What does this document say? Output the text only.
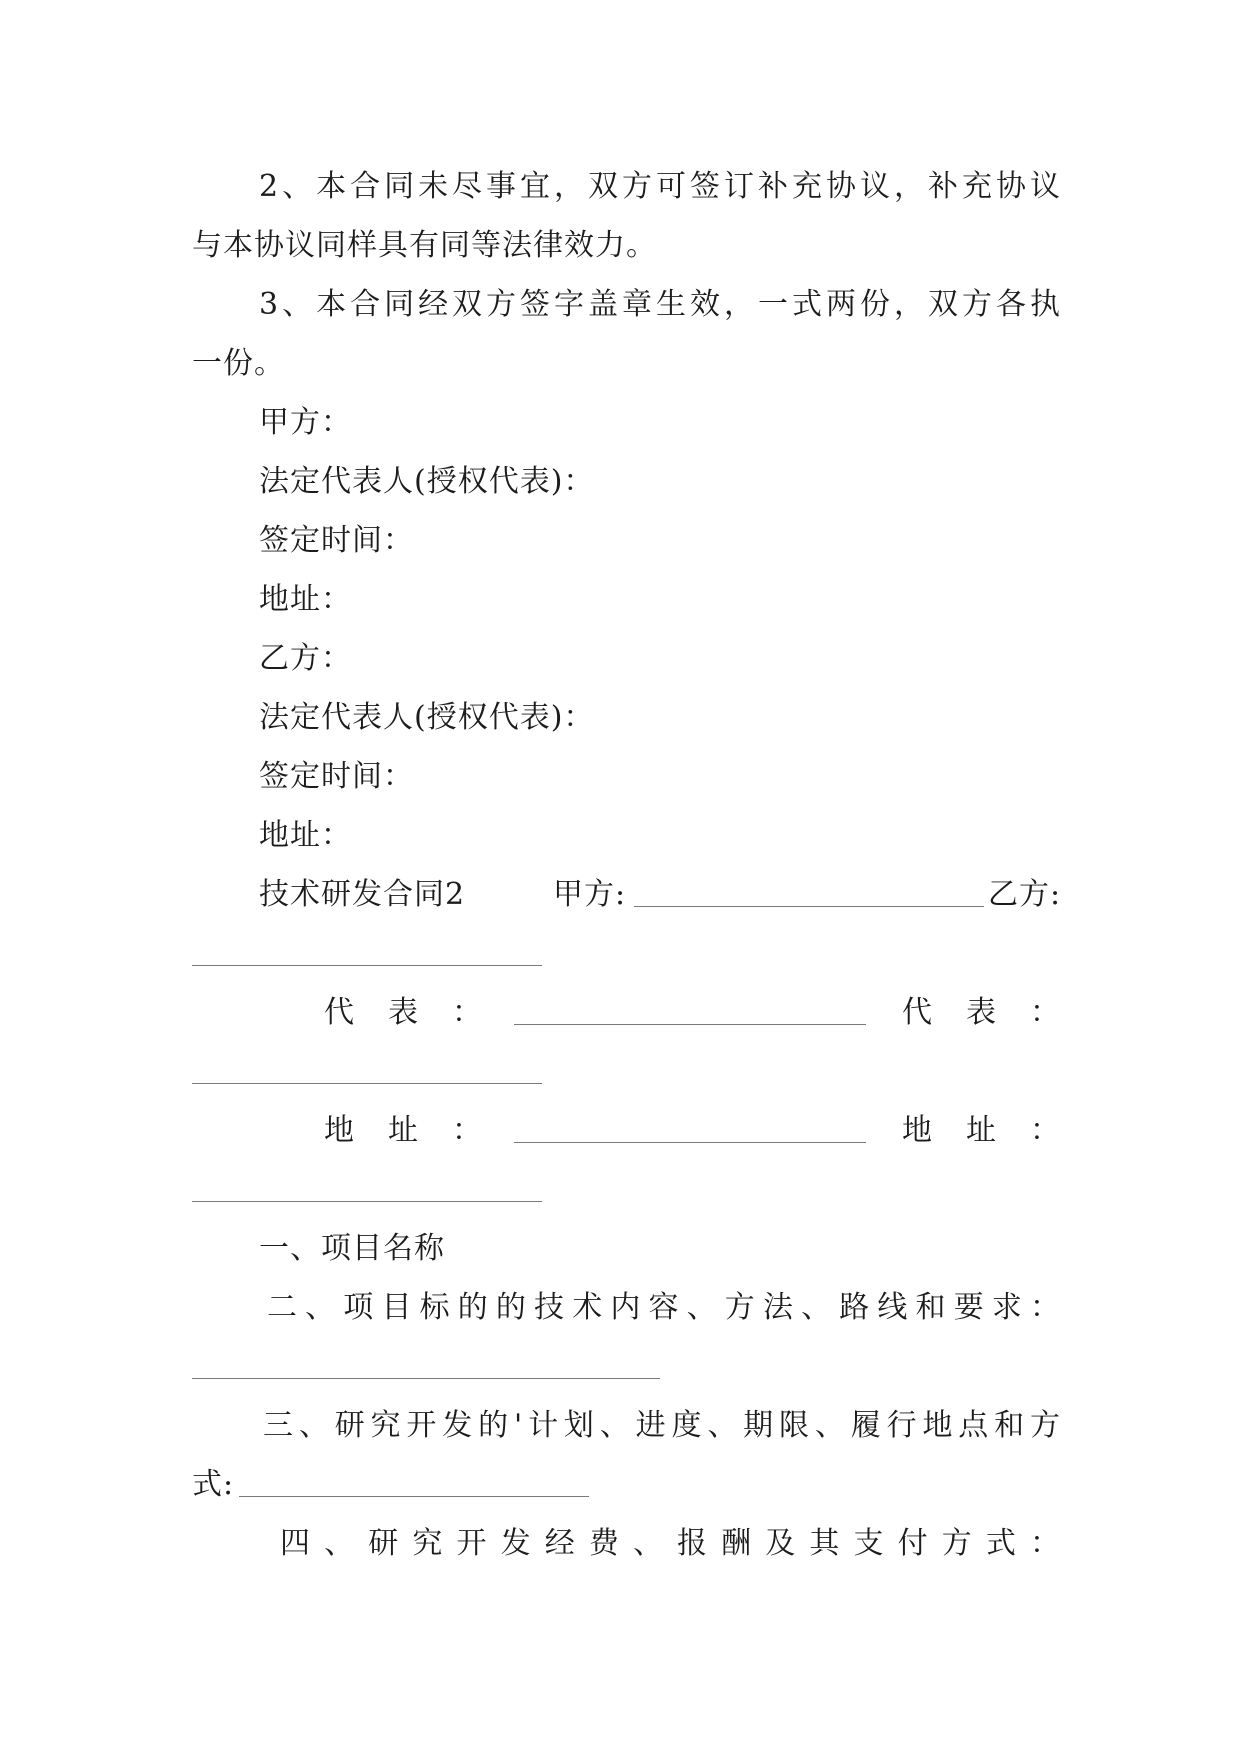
2、本合同未尽事宜，双方可签订补充协议，补充协议
与本协议同样具有同等法律效力。
3、本合同经双方签字盖章生效，一式两份，双方各执
一份。
甲方：
法定代表人(授权代表)：
签定时间：
地址：
乙方：
法定代表人(授权代表)：
签定时间：
地址：
技术研发合同2	甲方:	乙方:
代表：	代表：
地址：	地址：
一、项目名称
二、项目标的的技术内容、方法、路线和要求：
三、研究开发的'计划、进度、期限、履行地点和方
式:
四、研究开发经费、报酬及其支付方式：
